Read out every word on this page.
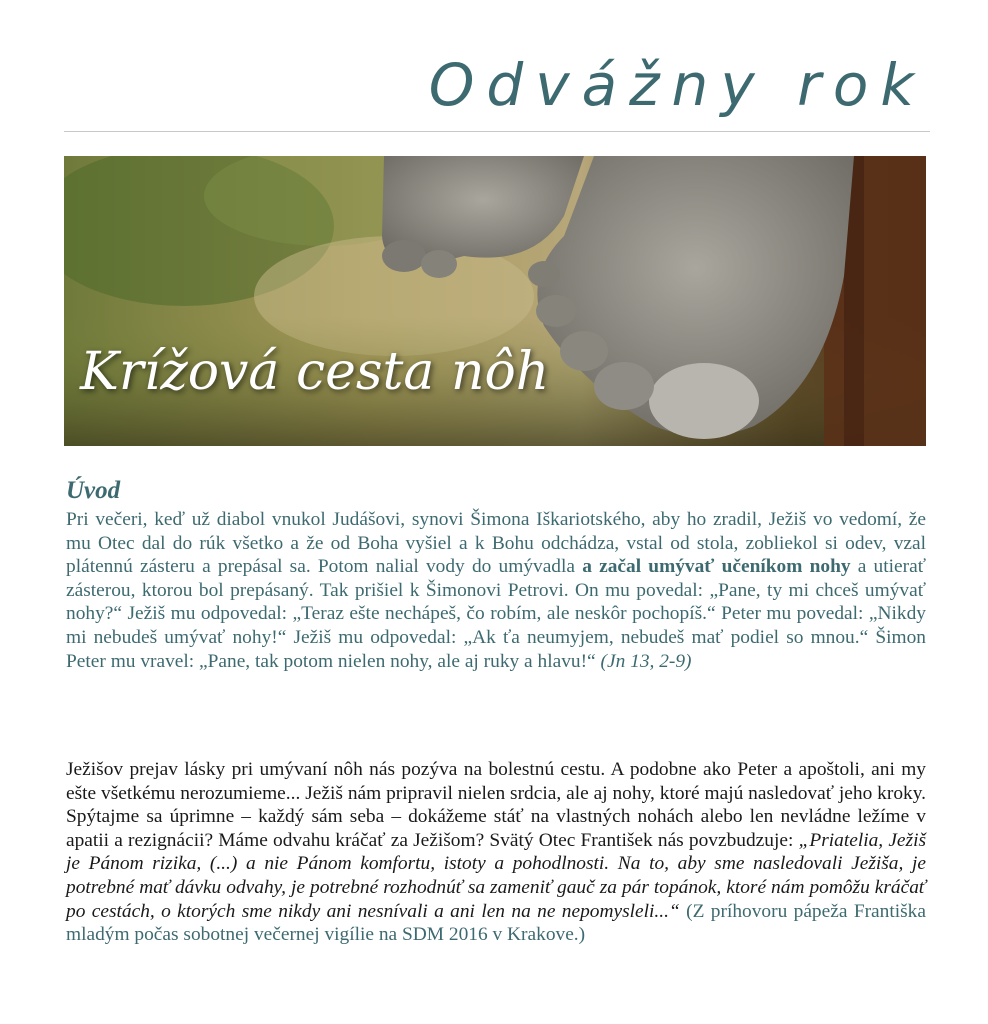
Odvážny rok
Krížová cesta nôh
Úvod
Pri večeri, keď už diabol vnukol Judášovi, synovi Šimona Iškariotského, aby ho zradil, Ježiš vo vedomí, že mu Otec dal do rúk všetko a že od Boha vyšiel a k Bohu odchádza, vstal od stola, zobliekol si odev, vzal plátennú zásteru a prepásal sa. Potom nalial vody do umývadla a začal umývať učeníkom nohy a utierať zásterou, ktorou bol prepásaný. Tak prišiel k Šimonovi Petrovi. On mu povedal: „Pane, ty mi chceš umývať nohy?“ Ježiš mu odpovedal: „Teraz ešte nechápeš, čo robím, ale neskôr pochopíš.“ Peter mu povedal: „Nikdy mi nebudeš umývať nohy!“ Ježiš mu odpovedal: „Ak ťa neumyjem, nebudeš mať podiel so mnou.“ Šimon Peter mu vravel: „Pane, tak potom nielen nohy, ale aj ruky a hlavu!“ (Jn 13, 2-9)
Ježišov prejav lásky pri umývaní nôh nás pozýva na bolestnú cestu. A podobne ako Peter a apoštoli, ani my ešte všetkému nerozumieme... Ježiš nám pripravil nielen srdcia, ale aj nohy, ktoré majú nasledovať jeho kroky. Spýtajme sa úprimne – každý sám seba – dokážeme stáť na vlastných nohách alebo len nevládne ležíme v apatii a rezignácii? Máme odvahu kráčať za Ježišom? Svätý Otec František nás povzbudzuje: „Priatelia, Ježiš je Pánom rizika, (...) a nie Pánom komfortu, istoty a pohodlnosti. Na to, aby sme nasledovali Ježiša, je potrebné mať dávku odvahy, je potrebné rozhodnúť sa zameniť gauč za pár topánok, ktoré nám pomôžu kráčať po cestách, o ktorých sme nikdy ani nesnívali a ani len na ne nepomysleli...“ (Z príhovoru pápeža Františka mladým počas sobotnej večernej vigílie na SDM 2016 v Krakove.)
